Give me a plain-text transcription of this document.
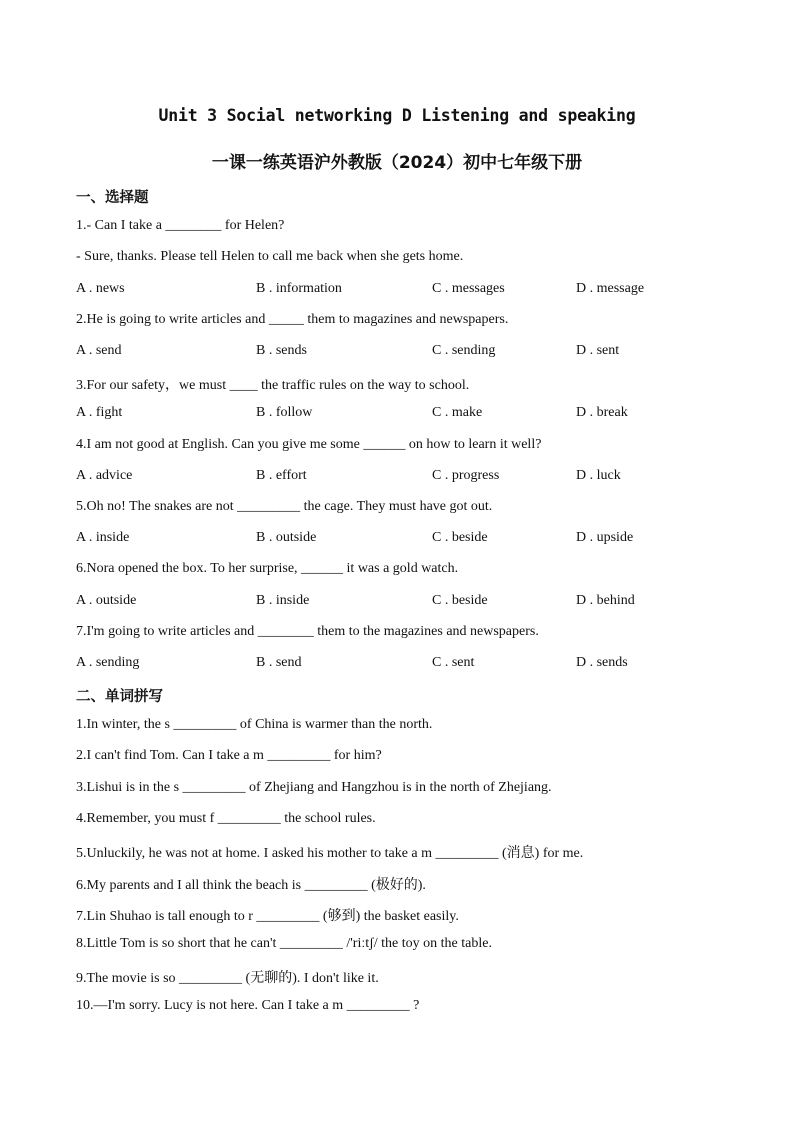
Unit 3 Social networking D Listening and speaking
一课一练英语沪外教版（2024）初中七年级下册
一、选择题
1.- Can I take a ________ for Helen?
- Sure, thanks. Please tell Helen to call me back when she gets home.
A . news	B . information	C . messages	D . message
2.He is going to write articles and _____ them to magazines and newspapers.
A . send	B . sends	C . sending	D . sent
3.For our safety，we must ____ the traffic rules on the way to school.
A . fight	B . follow	C . make	D . break
4.I am not good at English. Can you give me some ______ on how to learn it well?
A . advice	B . effort	C . progress	D . luck
5.Oh no! The snakes are not _________ the cage. They must have got out.
A . inside	B . outside	C . beside	D . upside
6.Nora opened the box. To her surprise, ______ it was a gold watch.
A . outside	B . inside	C . beside	D . behind
7.I'm going to write articles and ________ them to the magazines and newspapers.
A . sending	B . send	C . sent	D . sends
二、单词拼写
1.In winter, the s _________ of China is warmer than the north.
2.I can't find Tom. Can I take a m _________ for him?
3.Lishui is in the s _________ of Zhejiang and Hangzhou is in the north of Zhejiang.
4.Remember, you must f _________ the school rules.
5.Unluckily, he was not at home. I asked his mother to take a m _________ (消息) for me.
6.My parents and I all think the beach is _________ (极好的).
7.Lin Shuhao is tall enough to r _________ (够到) the basket easily.
8.Little Tom is so short that he can't _________ /'riːtʃ/ the toy on the table.
9.The movie is so _________ (无聊的). I don't like it.
10.—I'm sorry. Lucy is not here. Can I take a m _________ ?
